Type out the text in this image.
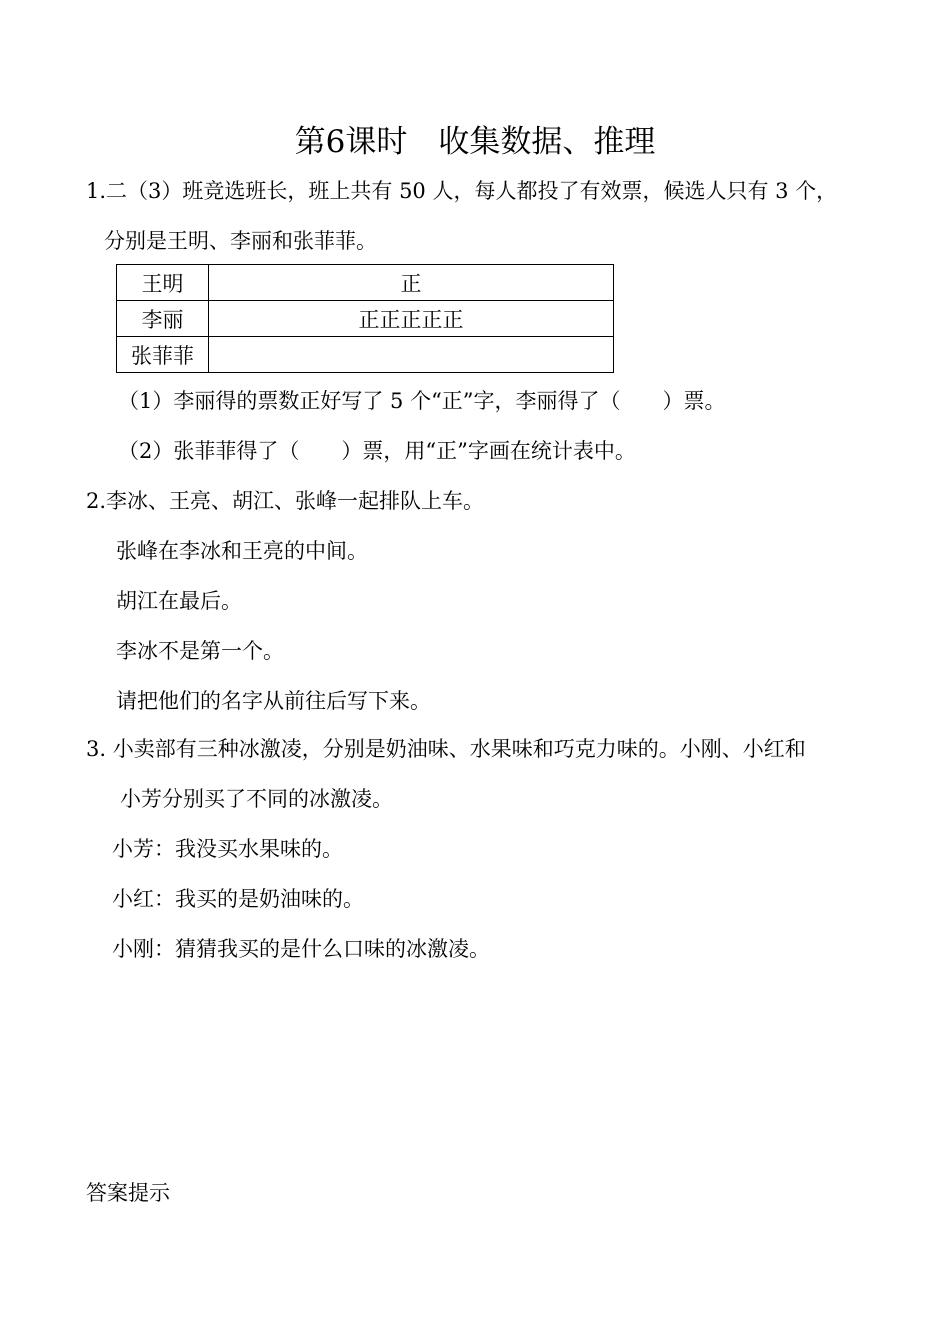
第6课时　收集数据、推理
1.二（3）班竞选班长，班上共有 50 人，每人都投了有效票，候选人只有 3 个，
分别是王明、李丽和张菲菲。
王明	正
李丽	正正正正正
张菲菲	
（1）李丽得的票数正好写了 5 个“正”字，李丽得了（　　）票。
（2）张菲菲得了（　　）票，用“正”字画在统计表中。
2.李冰、王亮、胡江、张峰一起排队上车。
张峰在李冰和王亮的中间。
胡江在最后。
李冰不是第一个。
请把他们的名字从前往后写下来。
3. 小卖部有三种冰激凌，分别是奶油味、水果味和巧克力味的。小刚、小红和
小芳分别买了不同的冰激凌。
小芳：我没买水果味的。
小红：我买的是奶油味的。
小刚：猜猜我买的是什么口味的冰激凌。
答案提示
